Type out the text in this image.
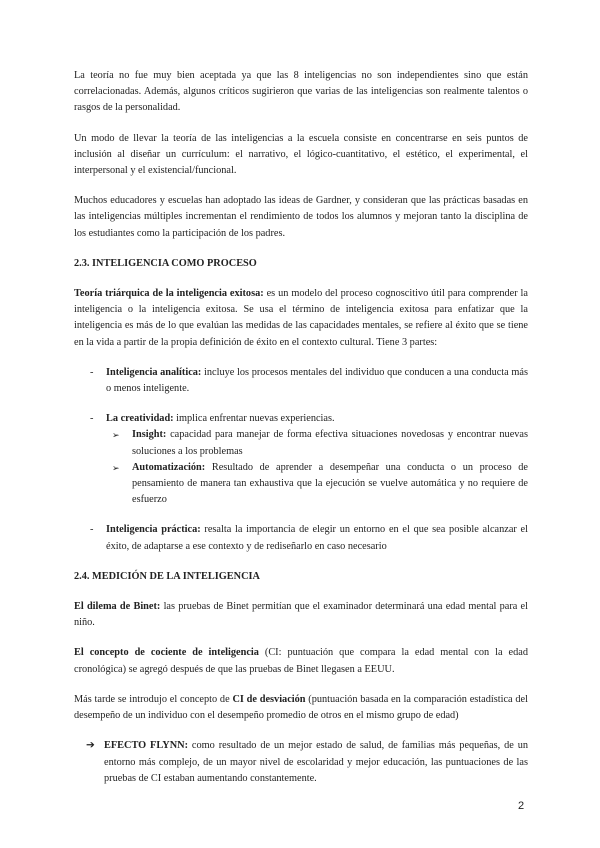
La teoría no fue muy bien aceptada ya que las 8 inteligencias no son independientes sino que están correlacionadas. Además, algunos críticos sugirieron que varias de las inteligencias son realmente talentos o rasgos de la personalidad.

Un modo de llevar la teoría de las inteligencias a la escuela consiste en concentrarse en seis puntos de inclusión al diseñar un currículum: el narrativo, el lógico-cuantitativo, el estético, el experimental, el interpersonal y el existencial/funcional.

Muchos educadores y escuelas han adoptado las ideas de Gardner, y consideran que las prácticas basadas en las inteligencias múltiples incrementan el rendimiento de todos los alumnos y mejoran tanto la disciplina de los estudiantes como la participación de los padres.

2.3. INTELIGENCIA COMO PROCESO

Teoría triárquica de la inteligencia exitosa: es un modelo del proceso cognoscitivo útil para comprender la inteligencia o la inteligencia exitosa. Se usa el término de inteligencia exitosa para enfatizar que la inteligencia es más de lo que evalúan las medidas de las capacidades mentales, se refiere al éxito que se tiene en la vida a partir de la propia definición de éxito en el contexto cultural. Tiene 3 partes:

- Inteligencia analítica: incluye los procesos mentales del individuo que conducen a una conducta más o menos inteligente.
- La creatividad: implica enfrentar nuevas experiencias.
➢ Insight: capacidad para manejar de forma efectiva situaciones novedosas y encontrar nuevas soluciones a los problemas
➢ Automatización: Resultado de aprender a desempeñar una conducta o un proceso de pensamiento de manera tan exhaustiva que la ejecución se vuelve automática y no requiere de esfuerzo
- Inteligencia práctica: resalta la importancia de elegir un entorno en el que sea posible alcanzar el éxito, de adaptarse a ese contexto y de rediseñarlo en caso necesario

2.4. MEDICIÓN DE LA INTELIGENCIA

El dilema de Binet: las pruebas de Binet permitían que el examinador determinará una edad mental para el niño.

El concepto de cociente de inteligencia (CI: puntuación que compara la edad mental con la edad cronológica) se agregó después de que las pruebas de Binet llegasen a EEUU.

Más tarde se introdujo el concepto de CI de desviación (puntuación basada en la comparación estadística del desempeño de un individuo con el desempeño promedio de otros en el mismo grupo de edad)

➔ EFECTO FLYNN: como resultado de un mejor estado de salud, de familias más pequeñas, de un entorno más complejo, de un mayor nivel de escolaridad y mejor educación, las puntuaciones de las pruebas de CI estaban aumentando constantemente.
2
